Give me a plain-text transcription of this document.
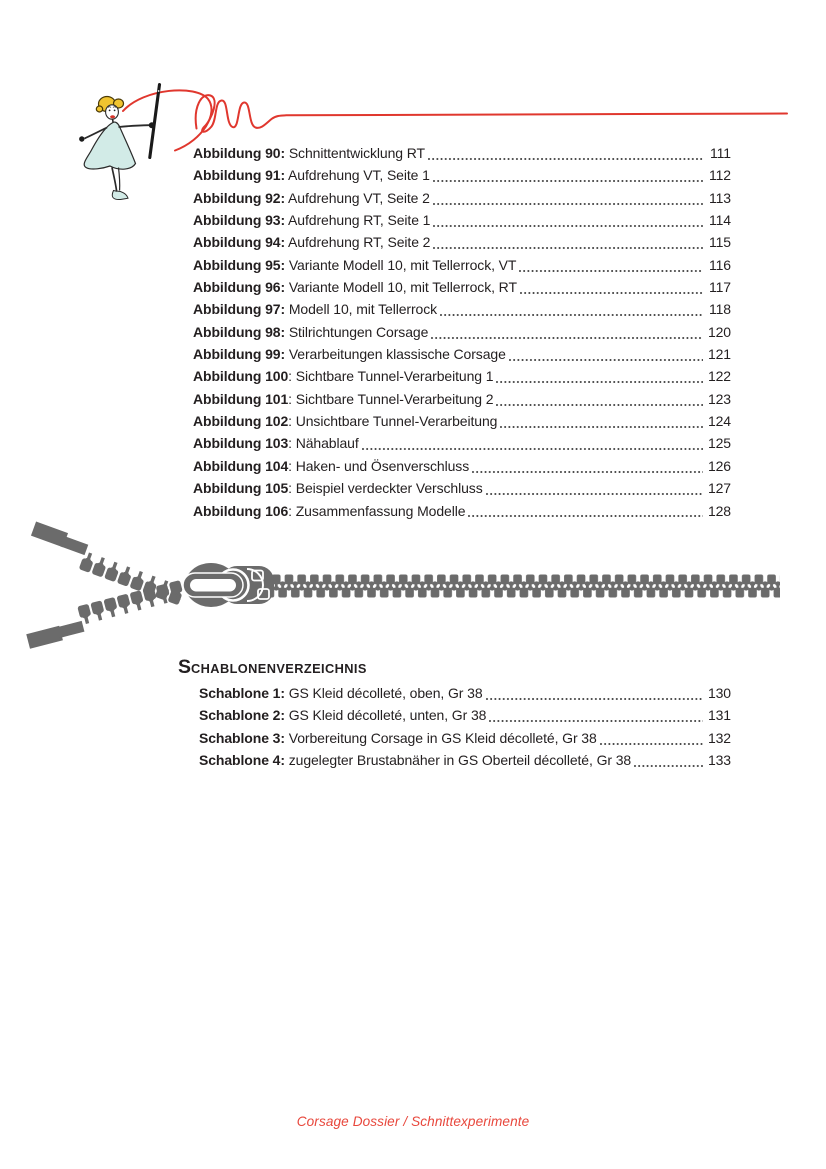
Abbildung 90: Schnittentwicklung RT	111
Abbildung 91: Aufdrehung VT, Seite 1	112
Abbildung 92: Aufdrehung VT, Seite 2	113
Abbildung 93: Aufdrehung RT, Seite 1	114
Abbildung 94: Aufdrehung RT, Seite 2	115
Abbildung 95: Variante Modell 10, mit Tellerrock, VT	116
Abbildung 96: Variante Modell 10, mit Tellerrock, RT	117
Abbildung 97: Modell 10, mit Tellerrock	118
Abbildung 98: Stilrichtungen Corsage	120
Abbildung 99: Verarbeitungen klassische Corsage	121
Abbildung 100 : Sichtbare Tunnel-Verarbeitung 1	122
Abbildung 101 : Sichtbare Tunnel-Verarbeitung 2	123
Abbildung 102 : Unsichtbare Tunnel-Verarbeitung	124
Abbildung 103 : Nähablauf	125
Abbildung 104 : Haken- und Ösenverschluss	126
Abbildung 105 : Beispiel verdeckter Verschluss	127
Abbildung 106 : Zusammenfassung Modelle	128
SCHABLONENVERZEICHNIS
Schablone 1: GS Kleid décolleté, oben, Gr 38	130
Schablone 2: GS Kleid décolleté, unten, Gr 38	131
Schablone 3: Vorbereitung Corsage in GS Kleid décolleté, Gr 38	132
Schablone 4: zugelegter Brustabnäher in GS Oberteil décolleté, Gr 38	133
Corsage Dossier / Schnittexperimente
